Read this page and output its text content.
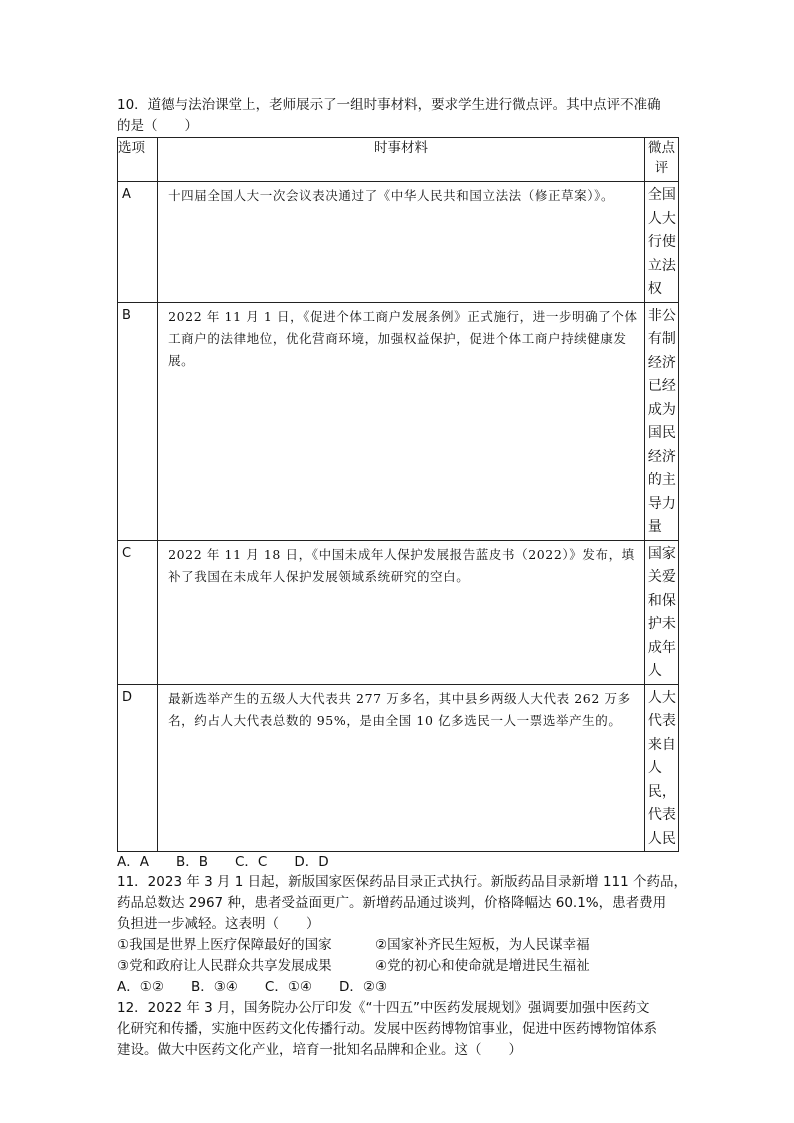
10．道德与法治课堂上，老师展示了一组时事材料，要求学生进行微点评。其中点评不准确

的是（　　）

选项	时事材料	微点评
A	十四届全国人大一次会议表决通过了《中华人民共和国立法法（修正草案）》。	全国人大行使立法权
B	2022 年 11 月 1 日，《促进个体工商户发展条例》正式施行，进一步明确了个体工商户的法律地位，优化营商环境，加强权益保护，促进个体工商户持续健康发展。	非公有制经济已经成为国民经济的主导力量
C	2022 年 11 月 18 日，《中国未成年人保护发展报告蓝皮书（2022）》发布，填补了我国在未成年人保护发展领域系统研究的空白。	国家关爱和保护未成年人
D	最新选举产生的五级人大代表共 277 万多名，其中县乡两级人大代表 262 万多名，约占人大代表总数的 95%，是由全国 10 亿多选民一人一票选举产生的。	人大代表来自人民，代表人民

A．A　　B．B　　C．C　　D．D

11．2023 年 3 月 1 日起，新版国家医保药品目录正式执行。新版药品目录新增 111 个药品，

药品总数达 2967 种，患者受益面更广。新增药品通过谈判，价格降幅达 60.1%，患者费用

负担进一步减轻。这表明（　　）

①我国是世界上医疗保障最好的国家	②国家补齐民生短板，为人民谋幸福
③党和政府让人民群众共享发展成果	④党的初心和使命就是增进民生福祉

A．①②　　B．③④　　C．①④　　D．②③

12．2022 年 3 月，国务院办公厅印发《“十四五”中医药发展规划》强调要加强中医药文

化研究和传播，实施中医药文化传播行动。发展中医药博物馆事业，促进中医药博物馆体系

建设。做大中医药文化产业，培育一批知名品牌和企业。这（　　）
